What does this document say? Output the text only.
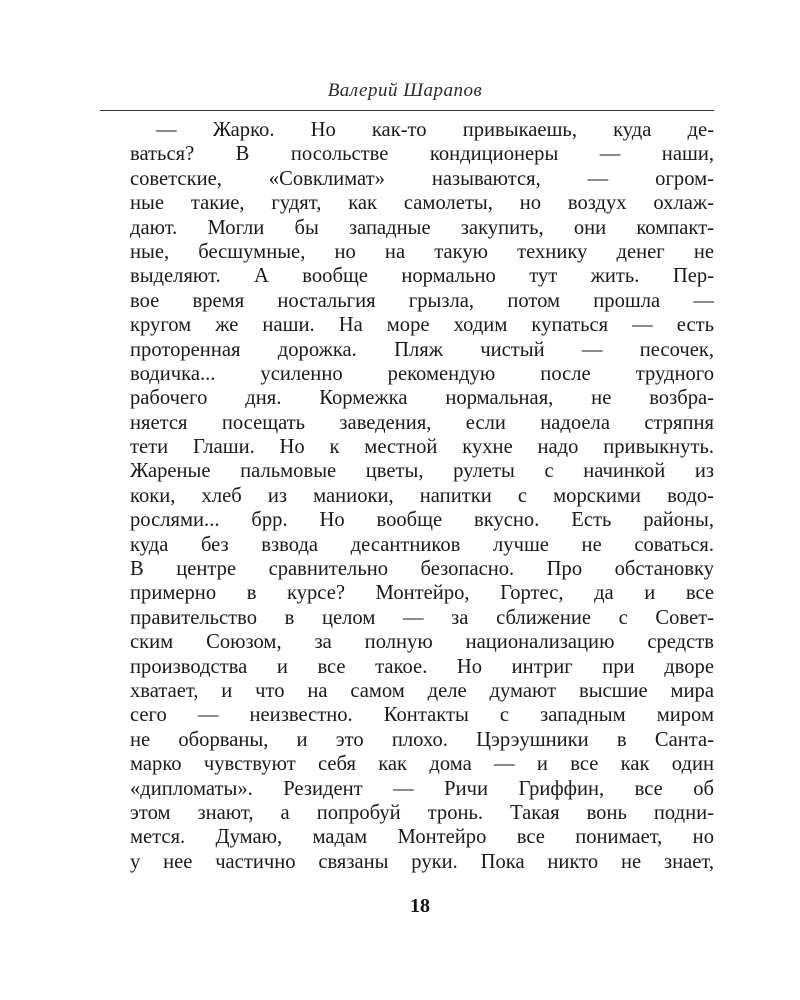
Валерий Шарапов
— Жарко. Но как-то привыкаешь, куда де-
ваться? В посольстве кондиционеры — наши,
советские, «Совклимат» называются, — огром-
ные такие, гудят, как самолеты, но воздух охлаж-
дают. Могли бы западные закупить, они компакт-
ные, бесшумные, но на такую технику денег не
выделяют. А вообще нормально тут жить. Пер-
вое время ностальгия грызла, потом прошла —
кругом же наши. На море ходим купаться — есть
проторенная дорожка. Пляж чистый — песочек,
водичка... усиленно рекомендую после трудного
рабочего дня. Кормежка нормальная, не возбра-
няется посещать заведения, если надоела стряпня
тети Глаши. Но к местной кухне надо привыкнуть.
Жареные пальмовые цветы, рулеты с начинкой из
коки, хлеб из маниоки, напитки с морскими водо-
рослями... брр. Но вообще вкусно. Есть районы,
куда без взвода десантников лучше не соваться.
В центре сравнительно безопасно. Про обстановку
примерно в курсе? Монтейро, Гортес, да и все
правительство в целом — за сближение с Совет-
ским Союзом, за полную национализацию средств
производства и все такое. Но интриг при дворе
хватает, и что на самом деле думают высшие мира
сего — неизвестно. Контакты с западным миром
не оборваны, и это плохо. Цэрэушники в Санта-
марко чувствуют себя как дома — и все как один
«дипломаты». Резидент — Ричи Гриффин, все об
этом знают, а попробуй тронь. Такая вонь подни-
мется. Думаю, мадам Монтейро все понимает, но
у нее частично связаны руки. Пока никто не знает,
18
